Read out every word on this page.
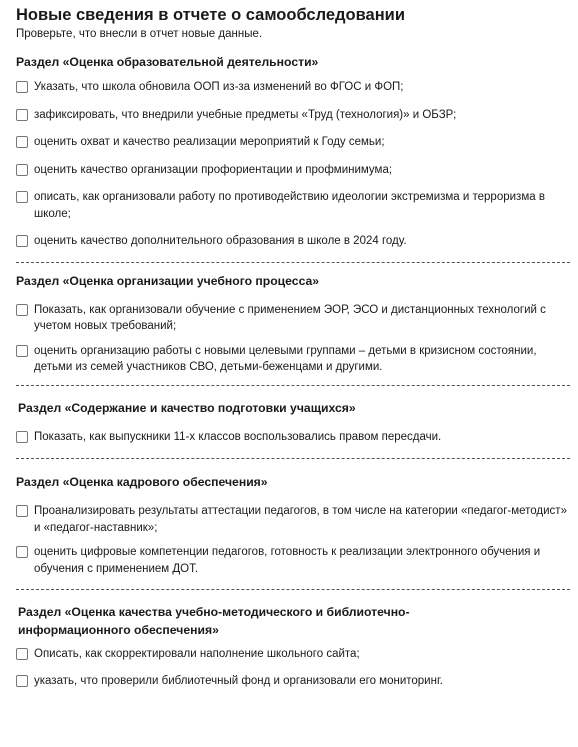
Новые сведения в отчете о самообследовании

Проверьте, что внесли в отчет новые данные.

Раздел «Оценка образовательной деятельности»
Указать, что школа обновила ООП из-за изменений во ФГОС и ФОП;
зафиксировать, что внедрили учебные предметы «Труд (технология)» и ОБЗР;
оценить охват и качество реализации мероприятий к Году семьи;
оценить качество организации профориентации и профминимума;
описать, как организовали работу по противодействию идеологии экстремизма и терроризма в школе;
оценить качество дополнительного образования в школе в 2024 году.
Раздел «Оценка организации учебного процесса»
Показать, как организовали обучение с применением ЭОР, ЭСО и дистанционных технологий с учетом новых требований;
оценить организацию работы с новыми целевыми группами – детьми в кризисном состоянии, детьми из семей участников СВО, детьми-беженцами и другими.
Раздел «Содержание и качество подготовки учащихся»
Показать, как выпускники 11-х классов воспользовались правом пересдачи.
Раздел «Оценка кадрового обеспечения»
Проанализировать результаты аттестации педагогов, в том числе на категории «педагог-методист» и «педагог-наставник»;
оценить цифровые компетенции педагогов, готовность к реализации электронного обучения и обучения с применением ДОТ.
Раздел «Оценка качества учебно-методического и библиотечно-информационного обеспечения»
Описать, как скорректировали наполнение школьного сайта;
указать, что проверили библиотечный фонд и организовали его мониторинг.
